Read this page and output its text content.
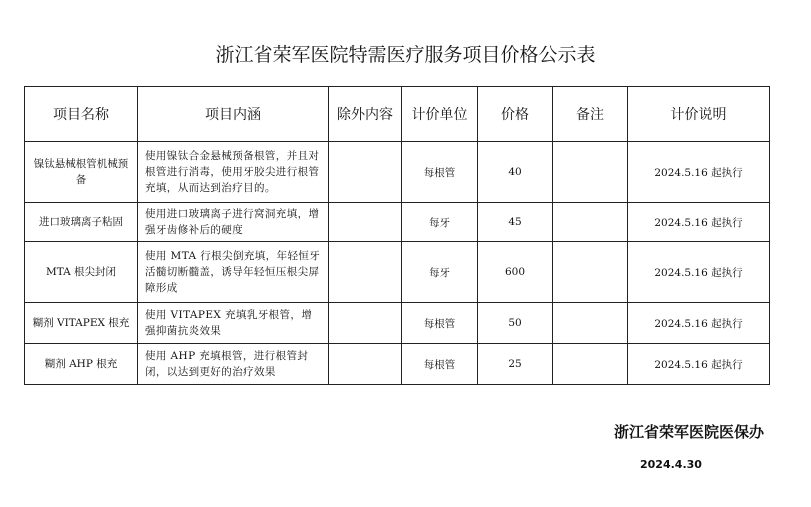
浙江省荣军医院特需医疗服务项目价格公示表
项目名称	项目内涵	除外内容	计价单位	价格	备注	计价说明
镍钛悬械根管机械预备	使用镍钛合金悬械预备根管，并且对根管进行消毒，使用牙胶尖进行根管充填，从而达到治疗目的。		每根管	40		2024.5.16 起执行
进口玻璃离子粘固	使用进口玻璃离子进行窝洞充填，增强牙齿修补后的硬度		每牙	45		2024.5.16 起执行
MTA 根尖封闭	使用 MTA 行根尖倒充填，年轻恒牙活髓切断髓盖，诱导年轻恒压根尖屏障形成		每牙	600		2024.5.16 起执行
糊剂 VITAPEX 根充	使用 VITAPEX 充填乳牙根管，增强抑菌抗炎效果		每根管	50		2024.5.16 起执行
糊剂 AHP 根充	使用 AHP 充填根管，进行根管封闭，以达到更好的治疗效果		每根管	25		2024.5.16 起执行
浙江省荣军医院医保办
2024.4.30
